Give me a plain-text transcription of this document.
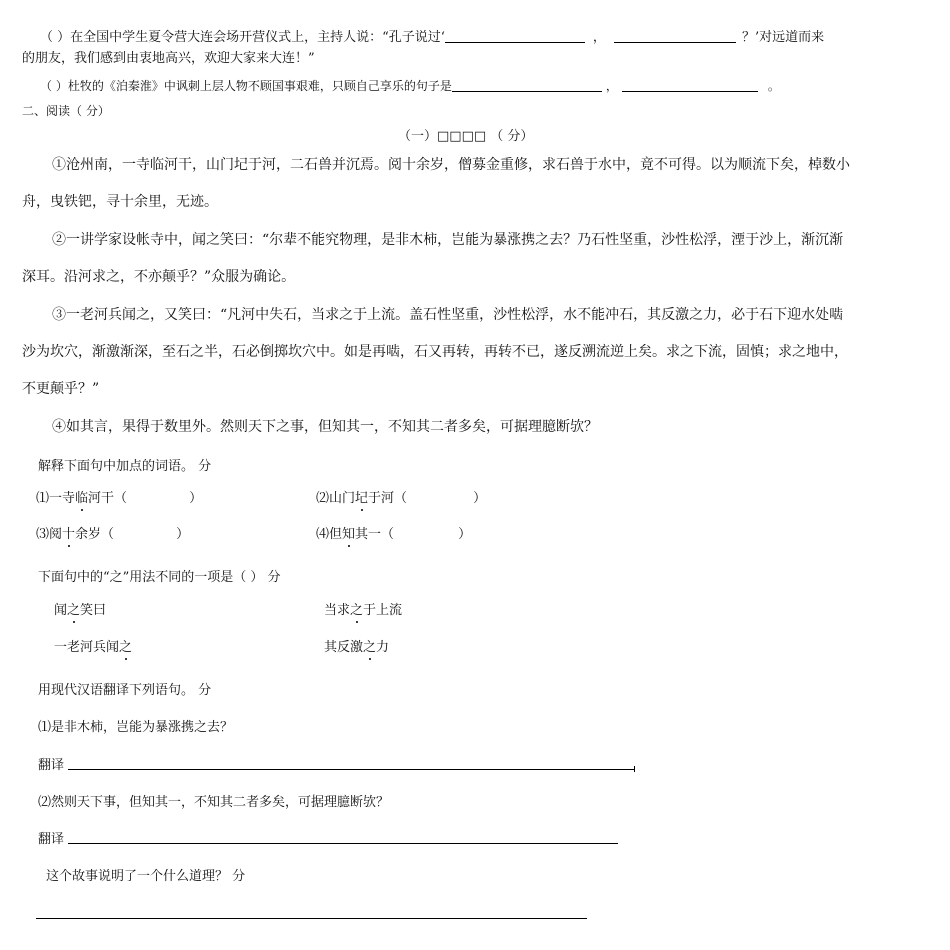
（ ）在全国中学生夏令营大连会场开营仪式上，主持人说：“孔子说过‘	，	？’对远道而来
的朋友，我们感到由衷地高兴，欢迎大家来大连！”
（ ）杜牧的《泊秦淮》中讽刺上层人物不顾国事艰难，只顾自己享乐的句子是	，	。
二、阅读（ 分）
（一）□□□□ （ 分）
①沧州南，一寺临河干，山门圮于河，二石兽并沉焉。阅十余岁，僧募金重修，求石兽于水中，竟不可得。以为顺流下矣，棹数小
舟，曳铁钯，寻十余里，无迹。
②一讲学家设帐寺中，闻之笑曰：“尔辈不能究物理，是非木柿，岂能为暴涨携之去？乃石性坚重，沙性松浮，湮于沙上，渐沉渐
深耳。沿河求之，不亦颠乎？”众服为确论。
③一老河兵闻之，又笑曰：“凡河中失石，当求之于上流。盖石性坚重，沙性松浮，水不能冲石，其反激之力，必于石下迎水处啮
沙为坎穴，渐激渐深，至石之半，石必倒掷坎穴中。如是再啮，石又再转，再转不已，遂反溯流逆上矣。求之下流，固慎；求之地中，
不更颠乎？”
④如其言，果得于数里外。然则天下之事，但知其一，不知其二者多矣，可据理臆断欤？
解释下面句中加点的词语。 分
⑴一寺临河干（	）	⑵山门圮于河（	）
⑶阅十余岁（	）	⑷但知其一（	）
下面句中的“之”用法不同的一项是（ ） 分
闻之笑曰	当求之于上流
一老河兵闻之	其反激之力
用现代汉语翻译下列语句。 分
⑴是非木柿，岂能为暴涨携之去？
翻译
⑵然则天下事，但知其一，不知其二者多矣，可据理臆断欤？
翻译
这个故事说明了一个什么道理？ 分
